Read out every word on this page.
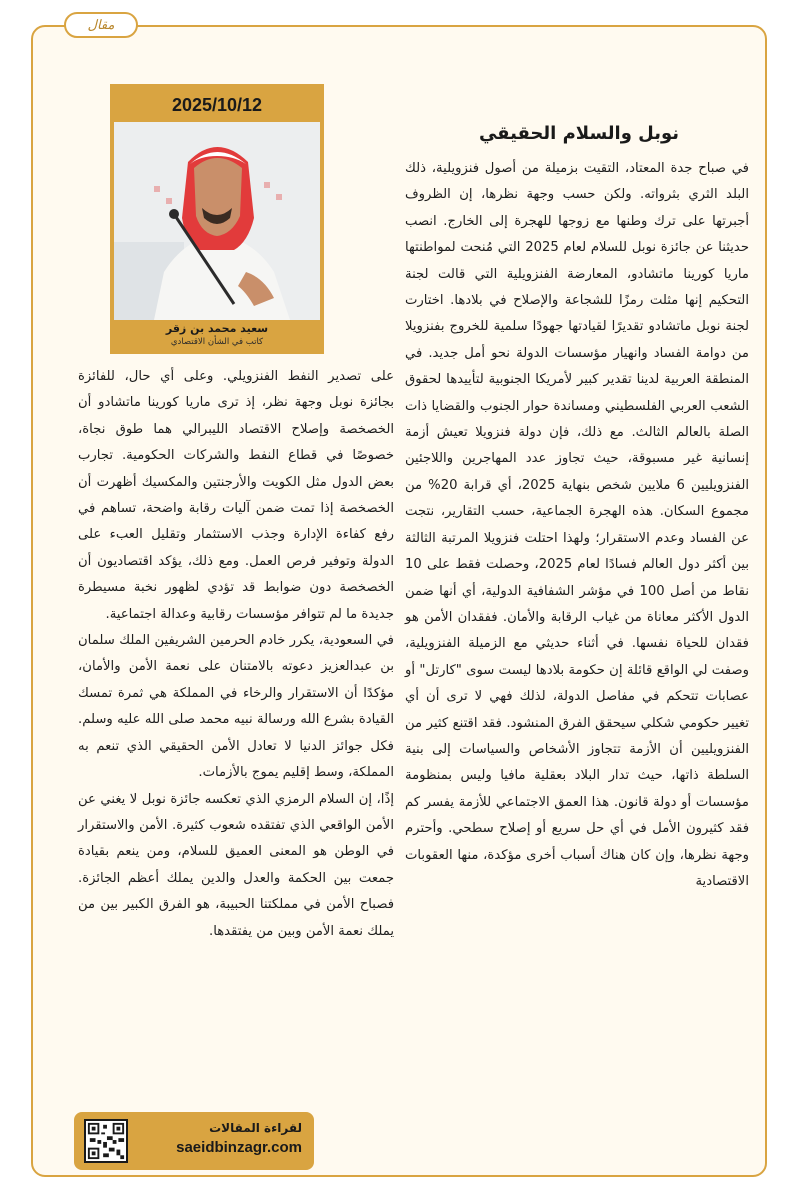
مقال
2025/10/12
سعيد محمد بن زقر
كاتب في الشأن الاقتصادي
نوبل والسلام الحقيقي

في صباح جدة المعتاد، التقيت بزميلة من أصول فنزويلية، ذلك البلد الثري بثرواته. ولكن حسب وجهة نظرها، إن الظروف أجبرتها على ترك وطنها مع زوجها للهجرة إلى الخارج. انصب حديثنا عن جائزة نوبل للسلام لعام 2025 التي مُنحت لمواطنتها ماريا كورينا ماتشادو، المعارضة الفنزويلية التي قالت لجنة التحكيم إنها مثلت رمزًا للشجاعة والإصلاح في بلادها. اختارت لجنة نوبل ماتشادو تقديرًا لقيادتها جهودًا سلمية للخروج بفنزويلا من دوامة الفساد وانهيار مؤسسات الدولة نحو أمل جديد. في المنطقة العربية لدينا تقدير كبير لأمريكا الجنوبية لتأييدها لحقوق الشعب العربي الفلسطيني ومساندة حوار الجنوب والقضايا ذات الصلة بالعالم الثالث. مع ذلك، فإن دولة فنزويلا تعيش أزمة إنسانية غير مسبوقة، حيث تجاوز عدد المهاجرين واللاجئين الفنزويليين 6 ملايين شخص بنهاية 2025، أي قرابة 20% من مجموع السكان. هذه الهجرة الجماعية، حسب التقارير، نتجت عن الفساد وعدم الاستقرار؛ ولهذا احتلت فنزويلا المرتبة الثالثة بين أكثر دول العالم فسادًا لعام 2025، وحصلت فقط على 10 نقاط من أصل 100 في مؤشر الشفافية الدولية، أي أنها ضمن الدول الأكثر معاناة من غياب الرقابة والأمان. ففقدان الأمن هو فقدان للحياة نفسها. في أثناء حديثي مع الزميلة الفنزويلية، وصفت لي الواقع قائلة إن حكومة بلادها ليست سوى "كارتل" أو عصابات تتحكم في مفاصل الدولة، لذلك فهي لا ترى أن أي تغيير حكومي شكلي سيحقق الفرق المنشود. فقد اقتنع كثير من الفنزويليين أن الأزمة تتجاوز الأشخاص والسياسات إلى بنية السلطة ذاتها، حيث تدار البلاد بعقلية مافيا وليس بمنظومة مؤسسات أو دولة قانون. هذا العمق الاجتماعي للأزمة يفسر كم فقد كثيرون الأمل في أي حل سريع أو إصلاح سطحي. وأحترم وجهة نظرها، وإن كان هناك أسباب أخرى مؤكدة، منها العقوبات الاقتصادية

على تصدير النفط الفنزويلي. وعلى أي حال، للفائزة بجائزة نوبل وجهة نظر، إذ ترى ماريا كورينا ماتشادو أن الخصخصة وإصلاح الاقتصاد الليبرالي هما طوق نجاة، خصوصًا في قطاع النفط والشركات الحكومية. تجارب بعض الدول مثل الكويت والأرجنتين والمكسيك أظهرت أن الخصخصة إذا تمت ضمن آليات رقابة واضحة، تساهم في رفع كفاءة الإدارة وجذب الاستثمار وتقليل العبء على الدولة وتوفير فرص العمل. ومع ذلك، يؤكد اقتصاديون أن الخصخصة دون ضوابط قد تؤدي لظهور نخبة مسيطرة جديدة ما لم تتوافر مؤسسات رقابية وعدالة اجتماعية.

في السعودية، يكرر خادم الحرمين الشريفين الملك سلمان بن عبدالعزيز دعوته بالامتنان على نعمة الأمن والأمان، مؤكدًا أن الاستقرار والرخاء في المملكة هي ثمرة تمسك القيادة بشرع الله ورسالة نبيه محمد صلى الله عليه وسلم. فكل جوائز الدنيا لا تعادل الأمن الحقيقي الذي تنعم به المملكة، وسط إقليم يموج بالأزمات.

إذًا، إن السلام الرمزي الذي تعكسه جائزة نوبل لا يغني عن الأمن الواقعي الذي تفتقده شعوب كثيرة. الأمن والاستقرار في الوطن هو المعنى العميق للسلام، ومن ينعم بقيادة جمعت بين الحكمة والعدل والدين يملك أعظم الجائزة. فصباح الأمن في مملكتنا الحبيبة، هو الفرق الكبير بين من يملك نعمة الأمن وبين من يفتقدها.

لقراءة المقالات
saeidbinzagr.com
